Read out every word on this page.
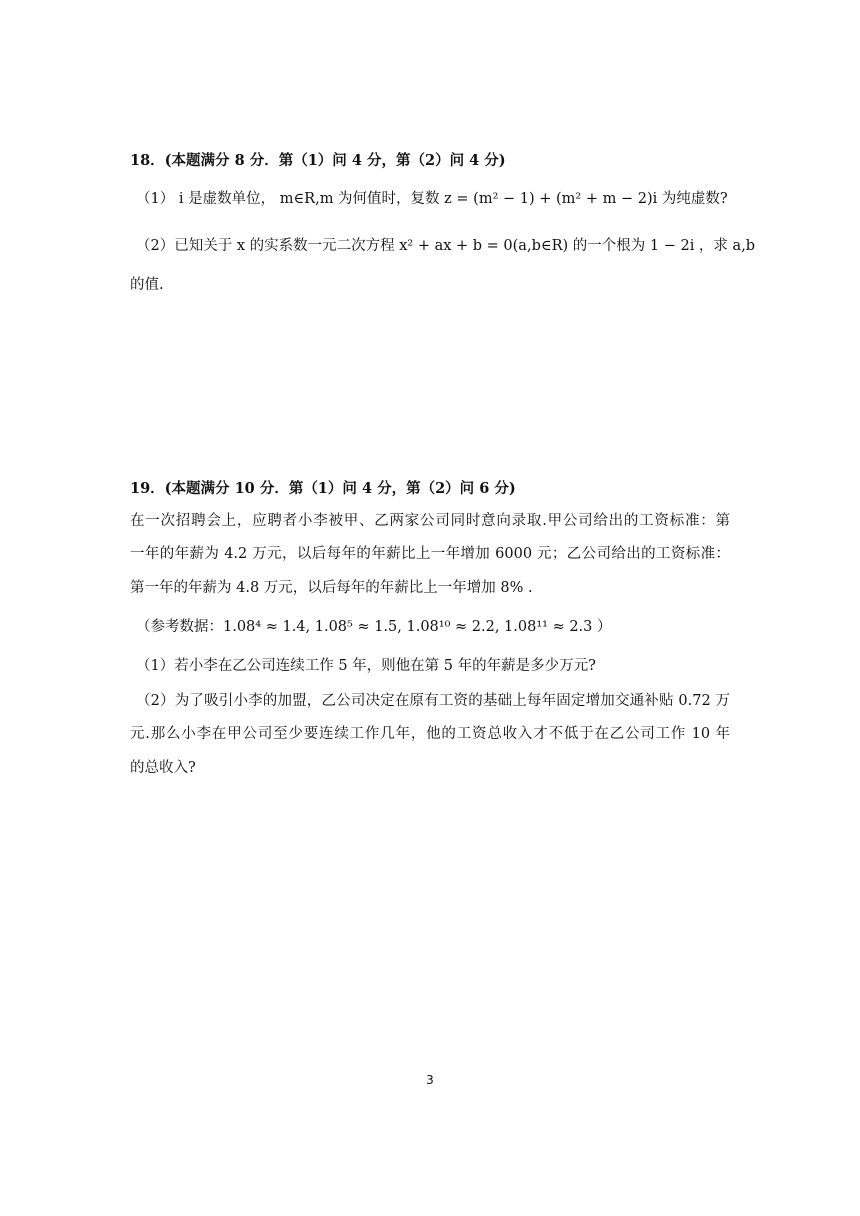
18．(本题满分 8 分．第（1）问 4 分，第（2）问 4 分)
（1） i 是虚数单位， m∈R,m 为何值时，复数 z = (m² − 1) + (m² + m − 2)i 为纯虚数?
（2）已知关于 x 的实系数一元二次方程 x² + ax + b = 0(a,b∈R) 的一个根为 1 − 2i ，求 a,b
的值.
19．(本题满分 10 分．第（1）问 4 分，第（2）问 6 分)
在一次招聘会上，应聘者小李被甲、乙两家公司同时意向录取.甲公司给出的工资标准：第
一年的年薪为 4.2 万元，以后每年的年薪比上一年增加 6000 元；乙公司给出的工资标准：
第一年的年薪为 4.8 万元，以后每年的年薪比上一年增加 8% .
（参考数据：1.08⁴ ≈ 1.4, 1.08⁵ ≈ 1.5, 1.08¹⁰ ≈ 2.2, 1.08¹¹ ≈ 2.3 ）
（1）若小李在乙公司连续工作 5 年，则他在第 5 年的年薪是多少万元?
（2）为了吸引小李的加盟，乙公司决定在原有工资的基础上每年固定增加交通补贴 0.72 万
元.那么小李在甲公司至少要连续工作几年，他的工资总收入才不低于在乙公司工作 10 年
的总收入?
3
